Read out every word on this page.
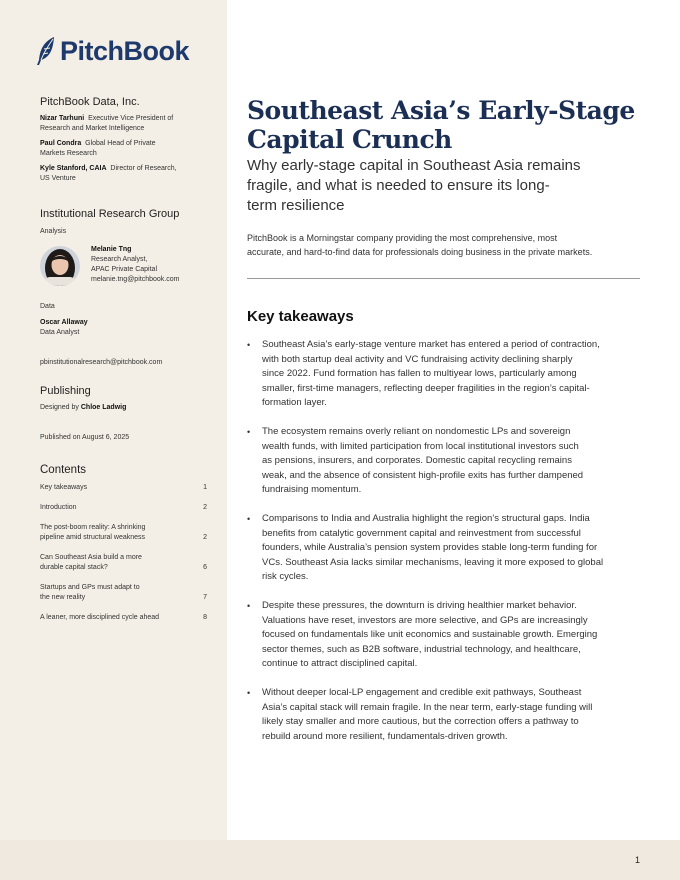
1
PitchBook
PitchBook Data, Inc.
Nizar Tarhuni Executive Vice President of
Research and Market Intelligence
Paul Condra Global Head of Private
Markets Research
Kyle Stanford, CAIA Director of Research,
US Venture
Institutional Research Group
Analysis
Melanie Tng
Research Analyst,
APAC Private Capital
melanie.tng@pitchbook.com
Data
Oscar Allaway
Data Analyst
pbinstitutionalresearch@pitchbook.com
Publishing
Designed by Chloe Ladwig
Published on August 6, 2025
Contents
Key takeaways	1
Introduction	2
The post-boom reality: A shrinking
pipeline amid structural weakness	2
Can Southeast Asia build a more
durable capital stack?	6
Startups and GPs must adapt to
the new reality	7
A leaner, more disciplined cycle ahead	8
Southeast Asia’s Early-Stage
Capital Crunch
Why early-stage capital in Southeast Asia remains
fragile, and what is needed to ensure its long-
term resilience
PitchBook is a Morningstar company providing the most comprehensive, most
accurate, and hard-to-find data for professionals doing business in the private markets.
Key takeaways
• Southeast Asia’s early-stage venture market has entered a period of contraction,
with both startup deal activity and VC fundraising activity declining sharply
since 2022. Fund formation has fallen to multiyear lows, particularly among
smaller, first-time managers, reflecting deeper fragilities in the region’s capital-
formation layer.
• The ecosystem remains overly reliant on nondomestic LPs and sovereign
wealth funds, with limited participation from local institutional investors such
as pensions, insurers, and corporates. Domestic capital recycling remains
weak, and the absence of consistent high-profile exits has further dampened
fundraising momentum.
• Comparisons to India and Australia highlight the region’s structural gaps. India
benefits from catalytic government capital and reinvestment from successful
founders, while Australia’s pension system provides stable long-term funding for
VCs. Southeast Asia lacks similar mechanisms, leaving it more exposed to global
risk cycles.
• Despite these pressures, the downturn is driving healthier market behavior.
Valuations have reset, investors are more selective, and GPs are increasingly
focused on fundamentals like unit economics and sustainable growth. Emerging
sector themes, such as B2B software, industrial technology, and healthcare,
continue to attract disciplined capital.
• Without deeper local-LP engagement and credible exit pathways, Southeast
Asia’s capital stack will remain fragile. In the near term, early-stage funding will
likely stay smaller and more cautious, but the correction offers a pathway to
rebuild around more resilient, fundamentals-driven growth.
